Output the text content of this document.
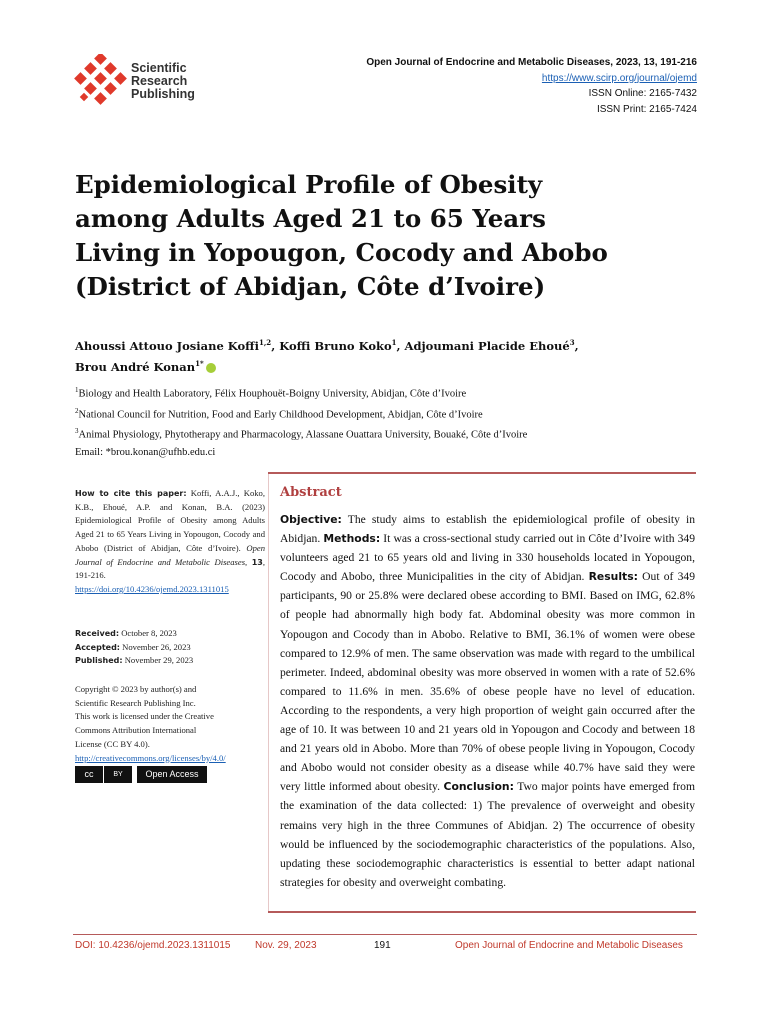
Scientific
Research
Publishing
Open Journal of Endocrine and Metabolic Diseases, 2023, 13, 191-216
https://www.scirp.org/journal/ojemd
ISSN Online: 2165-7432
ISSN Print: 2165-7424
Epidemiological Profile of Obesity among Adults Aged 21 to 65 Years Living in Yopougon, Cocody and Abobo (District of Abidjan, Côte d’Ivoire)
Ahoussi Attouo Josiane Koffi$^{1,2}$, Koffi Bruno Koko$^1$, Adjoumani Placide Ehoué$^3$,
Brou André Konan$^{1*}$
$^1$Biology and Health Laboratory, Félix Houphouët-Boigny University, Abidjan, Côte d’Ivoire
$^2$National Council for Nutrition, Food and Early Childhood Development, Abidjan, Côte d’Ivoire
$^3$Animal Physiology, Phytotherapy and Pharmacology, Alassane Ouattara University, Bouaké, Côte d’Ivoire
Email: *brou.konan@ufhb.edu.ci
How to cite this paper: Koffi, A.A.J., Koko, K.B., Ehoué, A.P. and Konan, B.A. (2023) Epidemiological Profile of Obesity among Adults Aged 21 to 65 Years Living in Yopougon, Cocody and Abobo (District of Abidjan, Côte d’Ivoire). Open Journal of Endocrine and Metabolic Diseases, 13, 191-216.
https://doi.org/10.4236/ojemd.2023.1311015
Received: October 8, 2023
Accepted: November 26, 2023
Published: November 29, 2023
Copyright © 2023 by author(s) and
Scientific Research Publishing Inc.
This work is licensed under the Creative
Commons Attribution International
License (CC BY 4.0).
http://creativecommons.org/licenses/by/4.0/
cc	BY	Open Access
Abstract
Objective: The study aims to establish the epidemiological profile of obesity in Abidjan. Methods: It was a cross-sectional study carried out in Côte d’Ivoire with 349 volunteers aged 21 to 65 years old and living in 330 households located in Yopougon, Cocody and Abobo, three Municipalities in the city of Abidjan. Results: Out of 349 participants, 90 or 25.8% were declared obese according to BMI. Based on IMG, 62.8% of people had abnormally high body fat. Abdominal obesity was more common in Yopougon and Cocody than in Abobo. Relative to BMI, 36.1% of women were obese compared to 12.9% of men. The same observation was made with regard to the umbilical perimeter. Indeed, abdominal obesity was more observed in women with a rate of 52.6% compared to 11.6% in men. 35.6% of obese people have no level of education. According to the respondents, a very high proportion of weight gain occurred after the age of 10. It was between 10 and 21 years old in Yopougon and Cocody and between 18 and 21 years old in Abobo. More than 70% of obese people living in Yopougon, Cocody and Abobo would not consider obesity as a disease while 40.7% have said they were very little informed about obesity. Conclusion: Two major points have emerged from the examination of the data collected: 1) The prevalence of overweight and obesity remains very high in the three Communes of Abidjan. 2) The occurrence of obesity would be influenced by the sociodemographic characteristics of the populations. Also, updating these sociodemographic characteristics is essential to better adapt national strategies for obesity and overweight combating.
DOI: 10.4236/ojemd.2023.1311015 Nov. 29, 2023	191	Open Journal of Endocrine and Metabolic Diseases
